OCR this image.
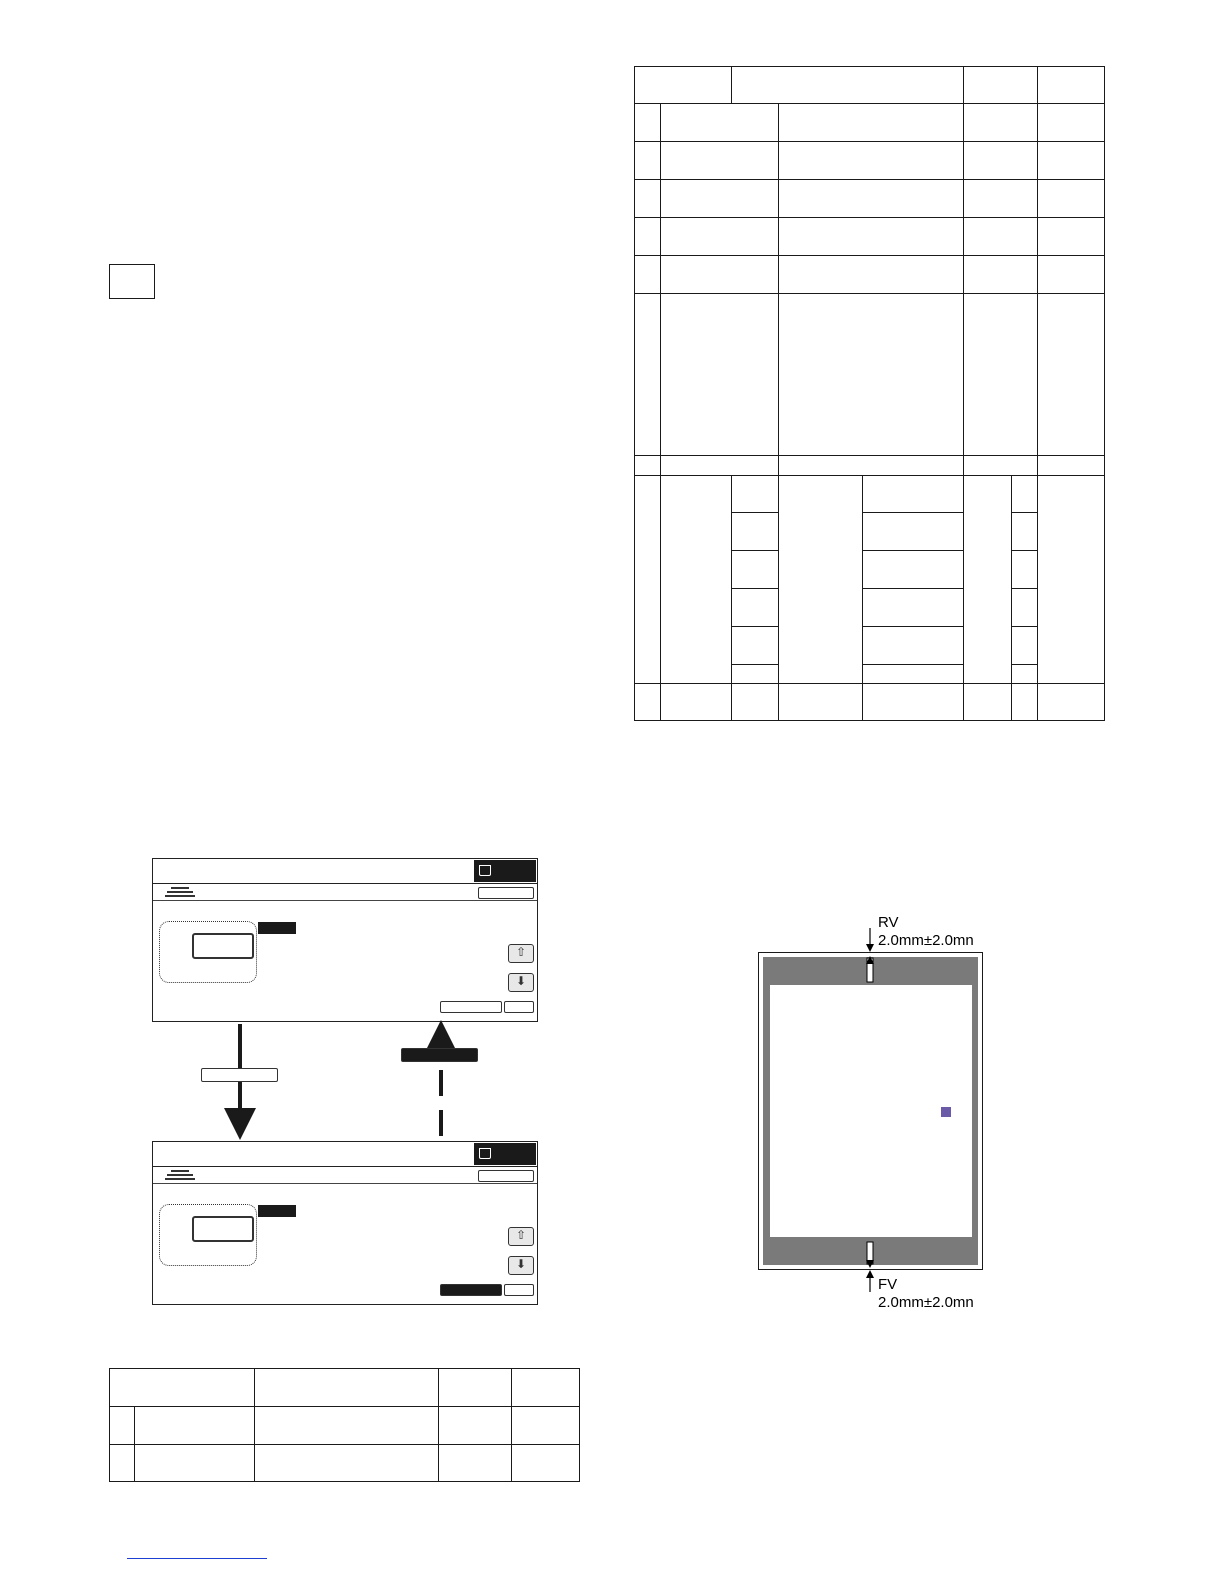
⇧
⬇
⇧
⬇
RV
2.0mm±2.0mn
FV
2.0mm±2.0mn
